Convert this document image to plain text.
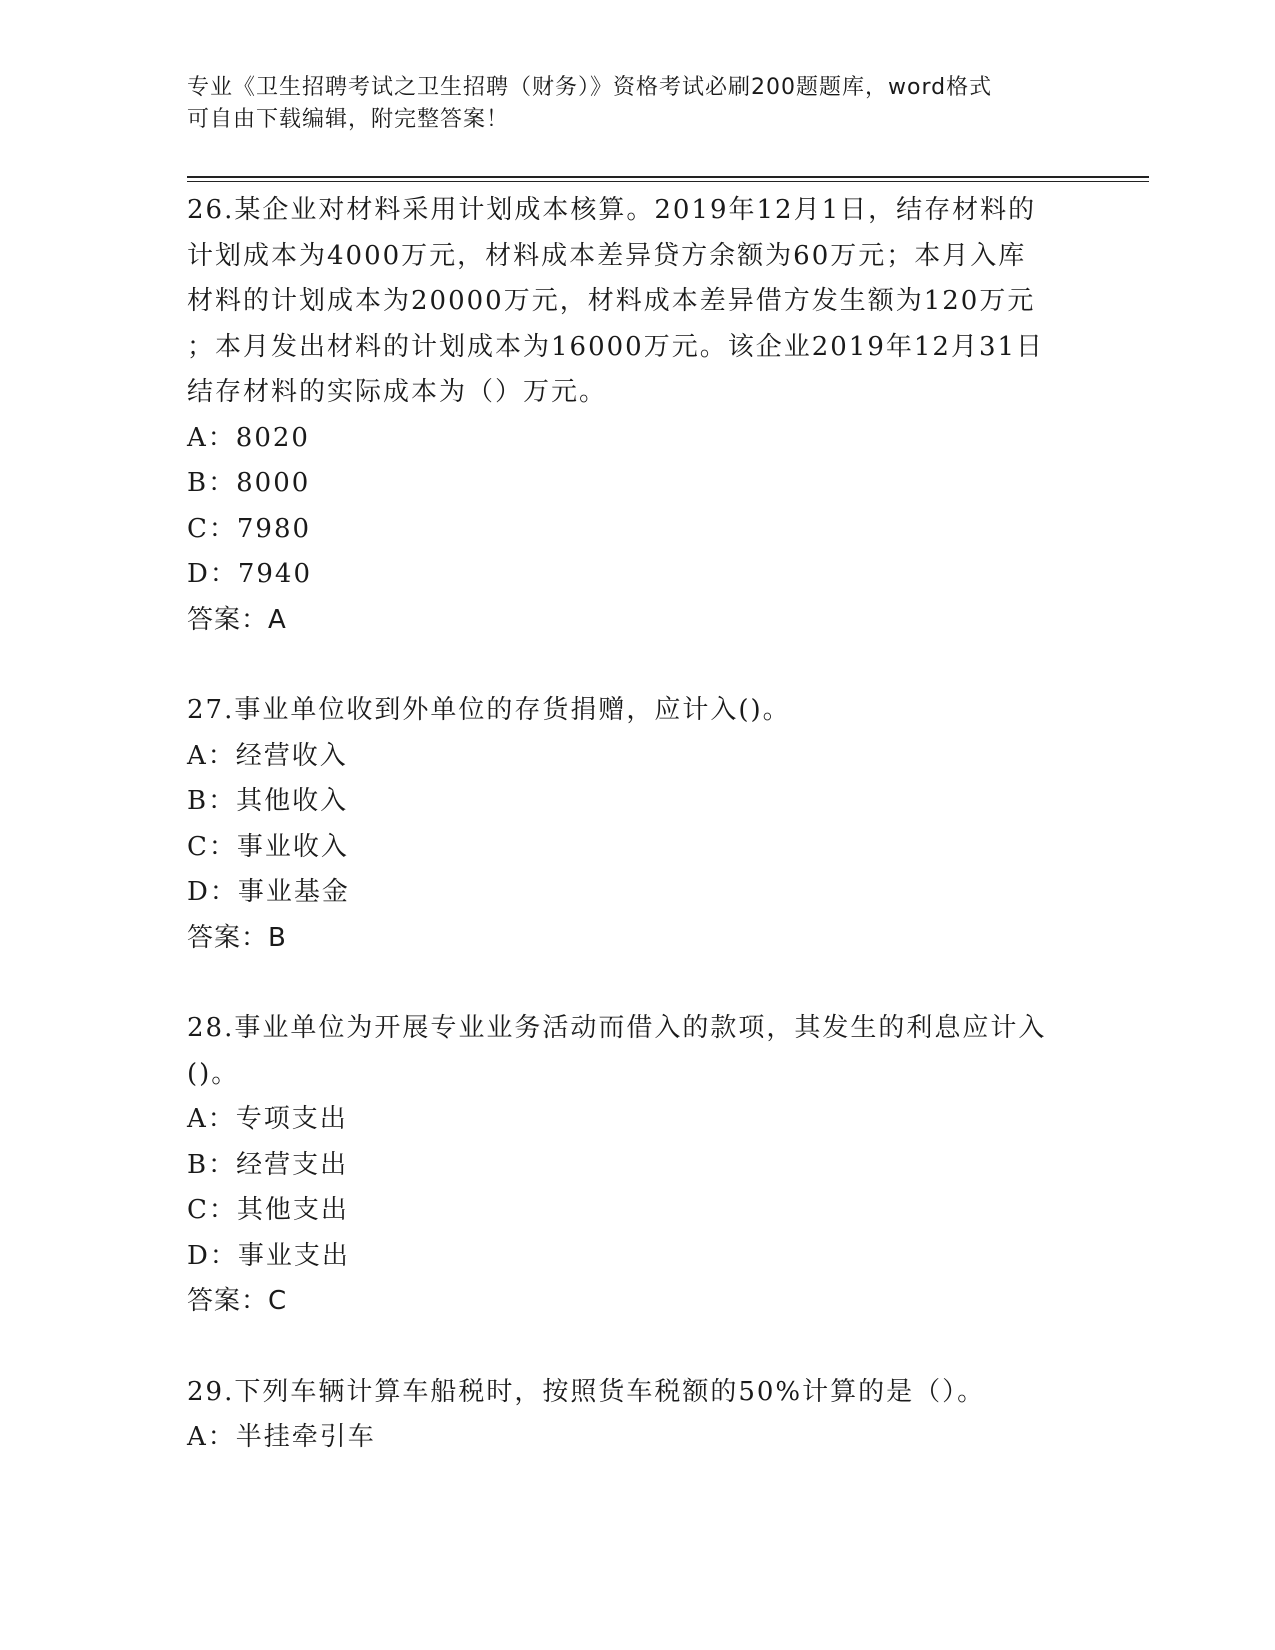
专业《卫生招聘考试之卫生招聘（财务）》资格考试必刷200题题库，word格式
可自由下载编辑，附完整答案！
26.某企业对材料采用计划成本核算。2019年12月1日，结存材料的
计划成本为4000万元，材料成本差异贷方余额为60万元；本月入库
材料的计划成本为20000万元，材料成本差异借方发生额为120万元
；本月发出材料的计划成本为16000万元。该企业2019年12月31日
结存材料的实际成本为（）万元。
A：8020
B：8000
C：7980
D：7940
答案：A
27.事业单位收到外单位的存货捐赠，应计入()。
A：经营收入
B：其他收入
C：事业收入
D：事业基金
答案：B
28.事业单位为开展专业业务活动而借入的款项，其发生的利息应计入
()。
A：专项支出
B：经营支出
C：其他支出
D：事业支出
答案：C
29.下列车辆计算车船税时，按照货车税额的50%计算的是（）。
A：半挂牵引车
